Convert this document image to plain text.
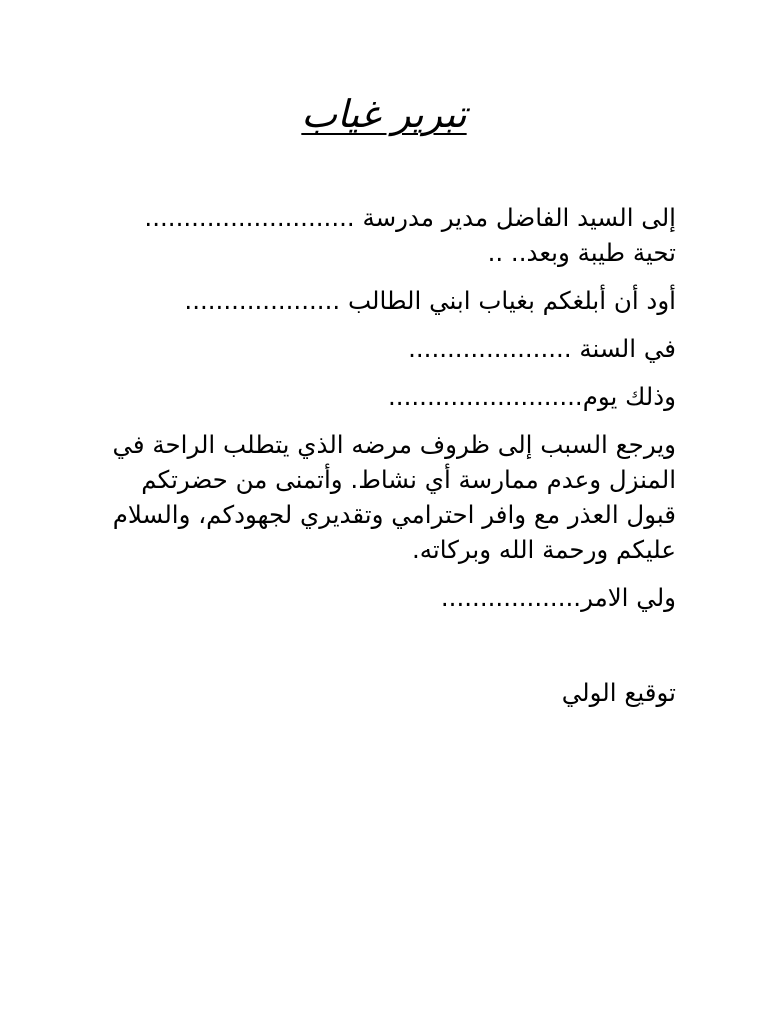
تبرير غياب

إلى السيد الفاضل مدير مدرسة ........................... تحية طيبة وبعد.. ..

أود أن أبلغكم بغياب ابني الطالب ....................

في السنة .....................

وذلك يوم.........................

ويرجع السبب إلى ظروف مرضه الذي يتطلب الراحة في المنزل وعدم ممارسة أي نشاط. وأتمنى من حضرتكم قبول العذر مع وافر احترامي وتقديري لجهودكم، والسلام عليكم ورحمة الله وبركاته.

ولي الامر..................

توقيع الولي
